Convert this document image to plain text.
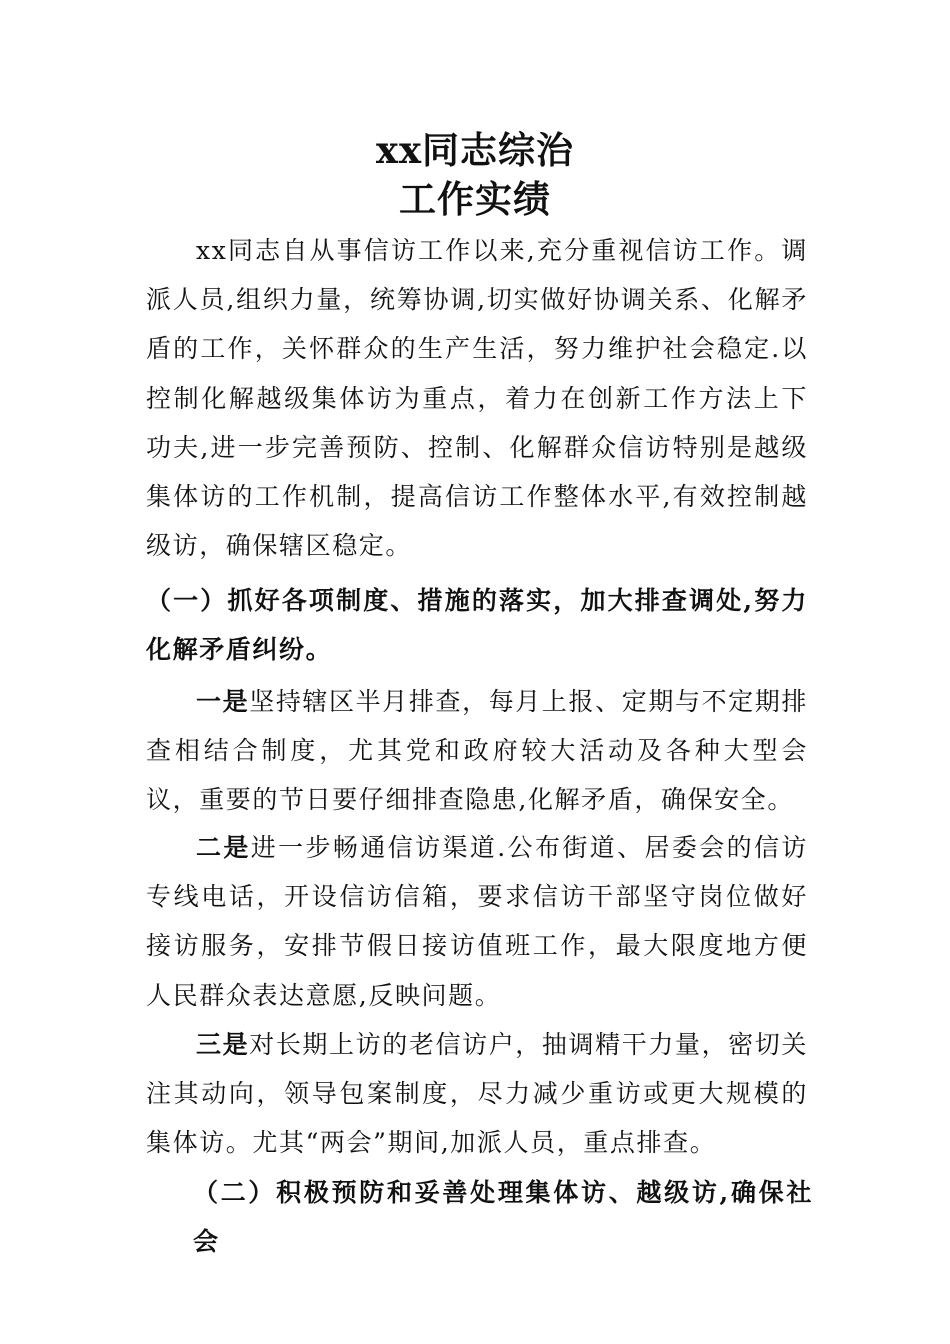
xx同志综治
工作实绩

xx同志自从事信访工作以来,充分重视信访工作。调派人员,组织力量，统筹协调,切实做好协调关系、化解矛盾的工作，关怀群众的生产生活，努力维护社会稳定.以控制化解越级集体访为重点，着力在创新工作方法上下功夫,进一步完善预防、控制、化解群众信访特别是越级集体访的工作机制，提高信访工作整体水平,有效控制越级访，确保辖区稳定。

（一）抓好各项制度、措施的落实，加大排查调处,努力化解矛盾纠纷。

一是坚持辖区半月排查，每月上报、定期与不定期排查相结合制度，尤其党和政府较大活动及各种大型会议，重要的节日要仔细排查隐患,化解矛盾，确保安全。

二是进一步畅通信访渠道.公布街道、居委会的信访专线电话，开设信访信箱，要求信访干部坚守岗位做好接访服务，安排节假日接访值班工作，最大限度地方便人民群众表达意愿,反映问题。

三是对长期上访的老信访户，抽调精干力量，密切关注其动向，领导包案制度，尽力减少重访或更大规模的集体访。尤其“两会”期间,加派人员，重点排查。

（二）积极预防和妥善处理集体访、越级访,确保社会
